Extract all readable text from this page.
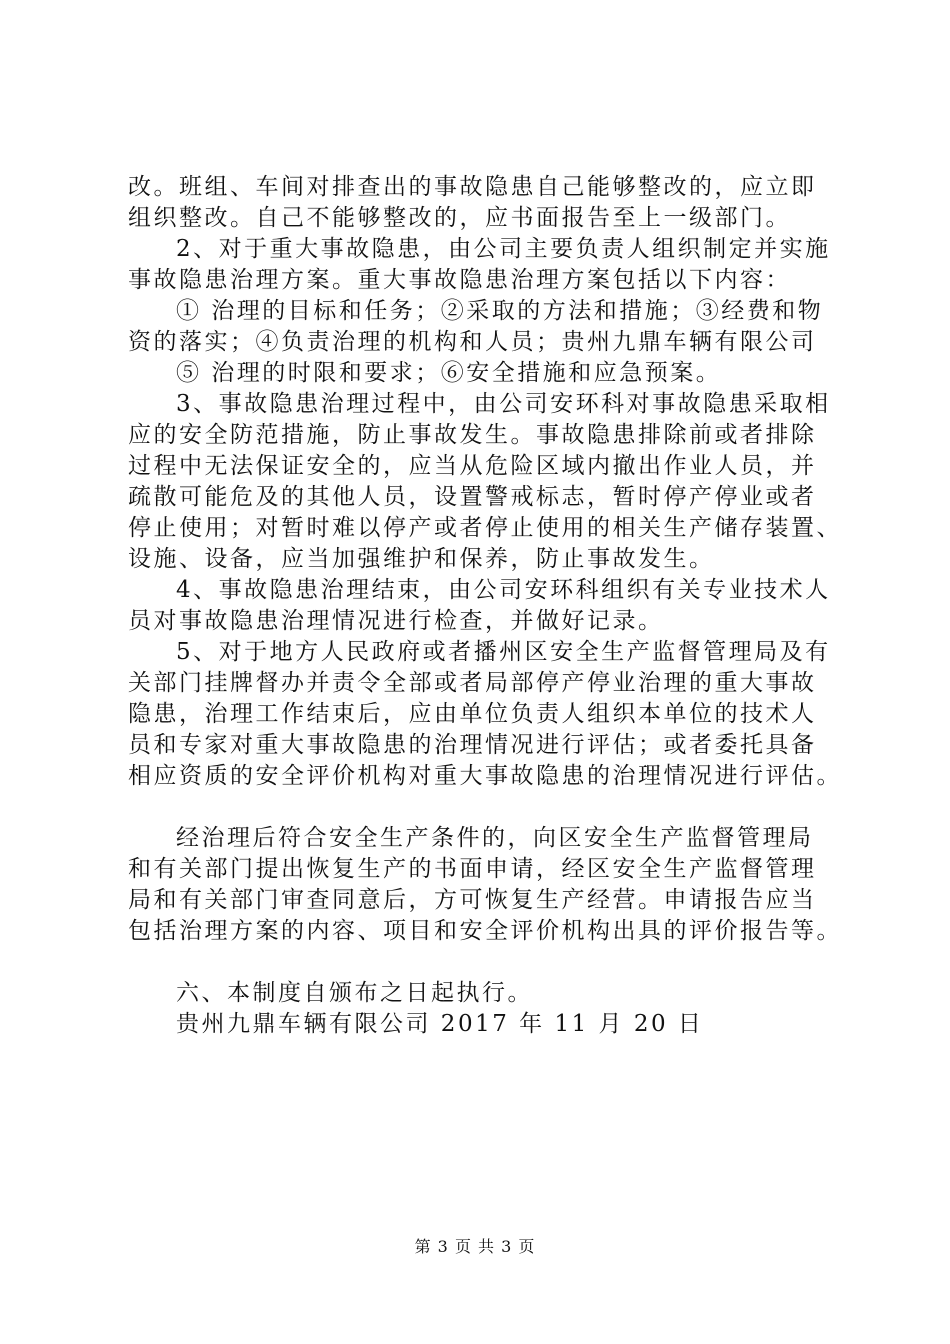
改。班组、车间对排查出的事故隐患自己能够整改的，应立即
组织整改。自己不能够整改的，应书面报告至上一级部门。
2、对于重大事故隐患，由公司主要负责人组织制定并实施
事故隐患治理方案。重大事故隐患治理方案包括以下内容：
① 治理的目标和任务；②采取的方法和措施；③经费和物
资的落实；④负责治理的机构和人员；贵州九鼎车辆有限公司
⑤ 治理的时限和要求；⑥安全措施和应急预案。
3、事故隐患治理过程中，由公司安环科对事故隐患采取相
应的安全防范措施，防止事故发生。事故隐患排除前或者排除
过程中无法保证安全的，应当从危险区域内撤出作业人员，并
疏散可能危及的其他人员，设置警戒标志，暂时停产停业或者
停止使用；对暂时难以停产或者停止使用的相关生产储存装置、
设施、设备，应当加强维护和保养，防止事故发生。
4、事故隐患治理结束，由公司安环科组织有关专业技术人
员对事故隐患治理情况进行检查，并做好记录。
5、对于地方人民政府或者播州区安全生产监督管理局及有
关部门挂牌督办并责令全部或者局部停产停业治理的重大事故
隐患，治理工作结束后，应由单位负责人组织本单位的技术人
员和专家对重大事故隐患的治理情况进行评估；或者委托具备
相应资质的安全评价机构对重大事故隐患的治理情况进行评估。
经治理后符合安全生产条件的，向区安全生产监督管理局
和有关部门提出恢复生产的书面申请，经区安全生产监督管理
局和有关部门审查同意后，方可恢复生产经营。申请报告应当
包括治理方案的内容、项目和安全评价机构出具的评价报告等。
六、本制度自颁布之日起执行。
贵州九鼎车辆有限公司 2017 年 11 月 20 日
第 3 页 共 3 页
